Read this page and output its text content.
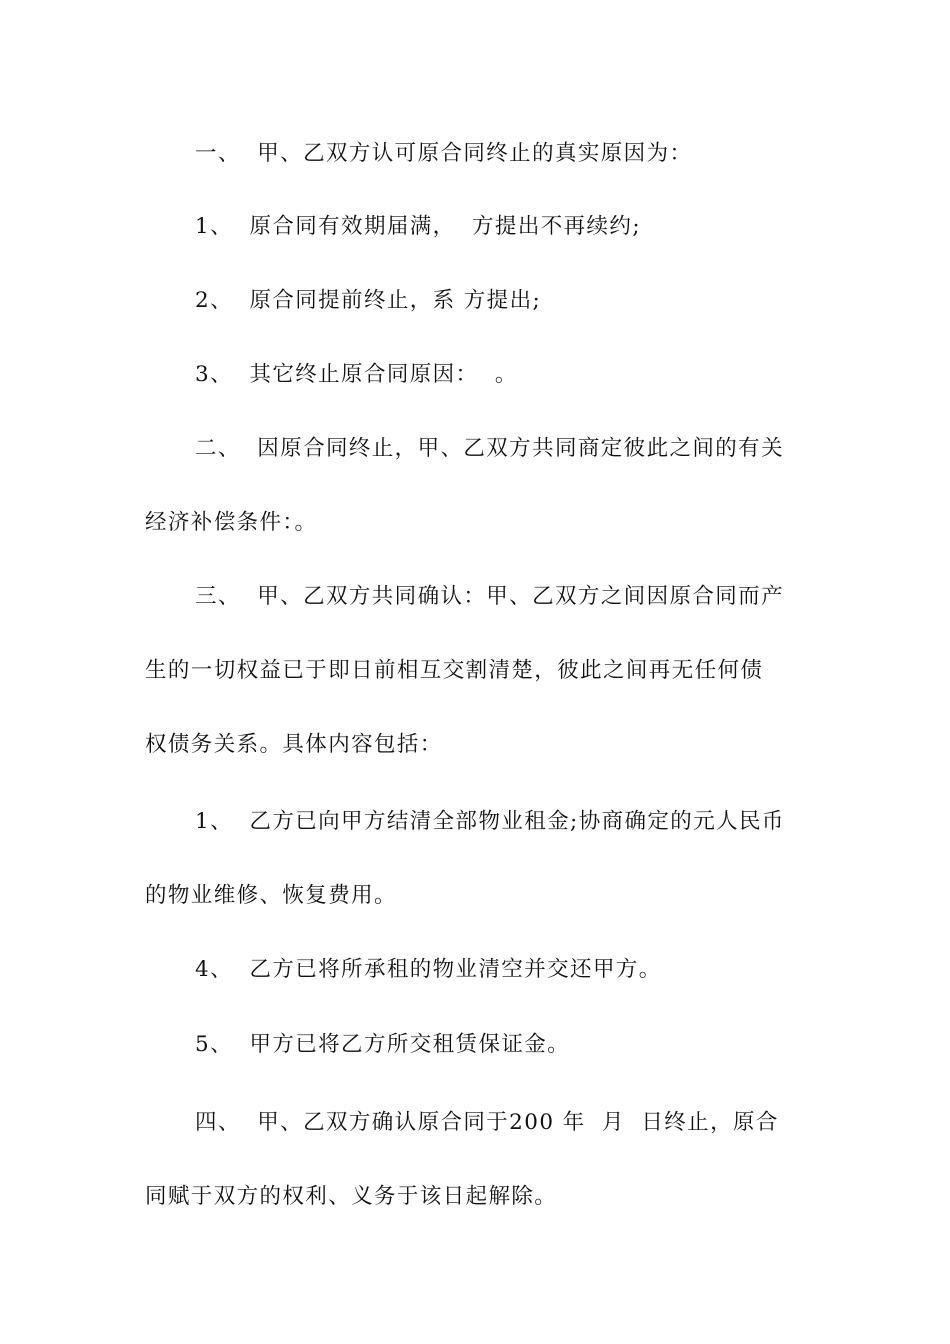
一、  甲、乙双方认可原合同终止的真实原因为：
1、  原合同有效期届满，  方提出不再续约;
2、  原合同提前终止，系 方提出;
3、  其它终止原合同原因：  。
二、  因原合同终止，甲、乙双方共同商定彼此之间的有关
经济补偿条件：。
三、  甲、乙双方共同确认：甲、乙双方之间因原合同而产
生的一切权益已于即日前相互交割清楚，彼此之间再无任何债
权债务关系。具体内容包括：
1、  乙方已向甲方结清全部物业租金;协商确定的元人民币
的物业维修、恢复费用。
4、  乙方已将所承租的物业清空并交还甲方。
5、  甲方已将乙方所交租赁保证金。
四、  甲、乙双方确认原合同于200 年  月  日终止，原合
同赋于双方的权利、义务于该日起解除。
